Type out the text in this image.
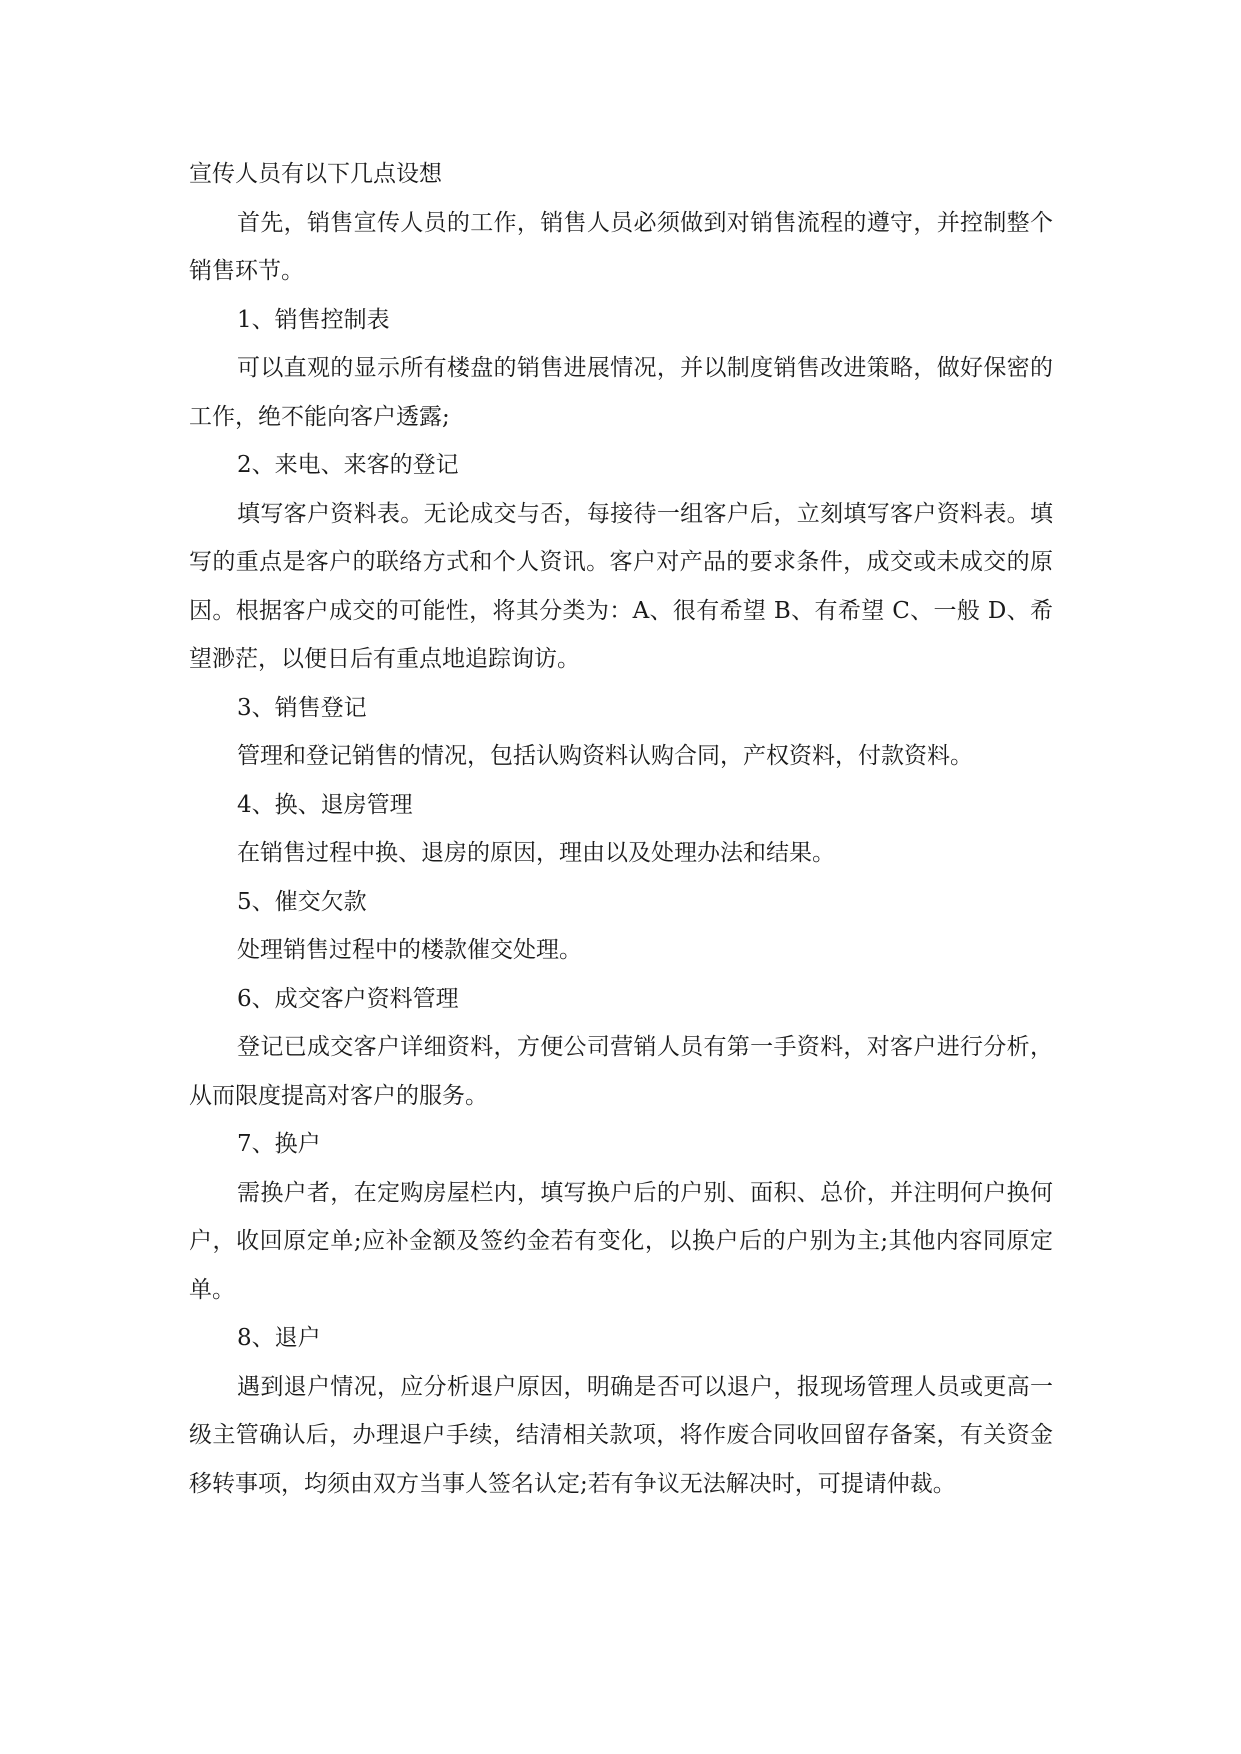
宣传人员有以下几点设想

首先，销售宣传人员的工作，销售人员必须做到对销售流程的遵守，并控制整个销售环节。

1、销售控制表

可以直观的显示所有楼盘的销售进展情况，并以制度销售改进策略，做好保密的工作，绝不能向客户透露;

2、来电、来客的登记

填写客户资料表。无论成交与否，每接待一组客户后，立刻填写客户资料表。填写的重点是客户的联络方式和个人资讯。客户对产品的要求条件，成交或未成交的原因。根据客户成交的可能性，将其分类为：A、很有希望 B、有希望 C、一般 D、希望渺茫，以便日后有重点地追踪询访。

3、销售登记

管理和登记销售的情况，包括认购资料认购合同，产权资料，付款资料。

4、换、退房管理

在销售过程中换、退房的原因，理由以及处理办法和结果。

5、催交欠款

处理销售过程中的楼款催交处理。

6、成交客户资料管理

登记已成交客户详细资料，方便公司营销人员有第一手资料，对客户进行分析，从而限度提高对客户的服务。

7、换户

需换户者，在定购房屋栏内，填写换户后的户别、面积、总价，并注明何户换何户，收回原定单;应补金额及签约金若有变化，以换户后的户别为主;其他内容同原定单。

8、退户

遇到退户情况，应分析退户原因，明确是否可以退户，报现场管理人员或更高一级主管确认后，办理退户手续，结清相关款项，将作废合同收回留存备案，有关资金移转事项，均须由双方当事人签名认定;若有争议无法解决时，可提请仲裁。
